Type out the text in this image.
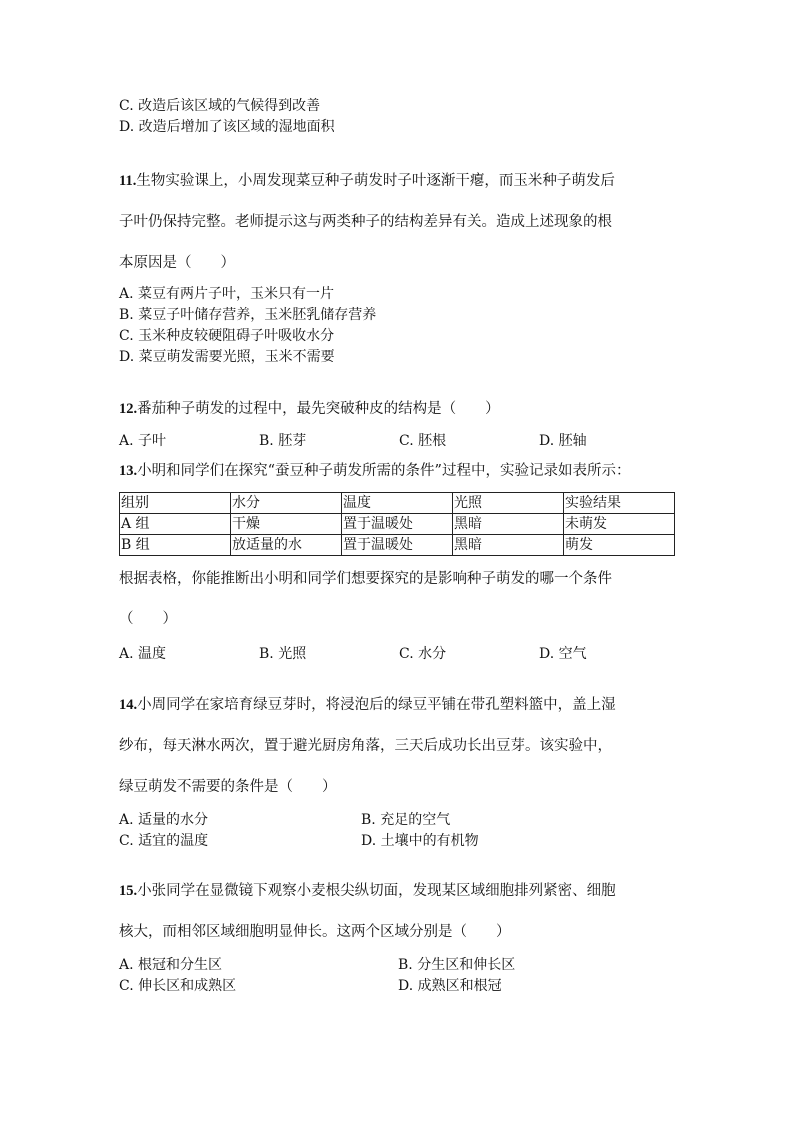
C. 改造后该区域的气候得到改善
D. 改造后增加了该区域的湿地面积
11.生物实验课上，小周发现菜豆种子萌发时子叶逐渐干瘪，而玉米种子萌发后
子叶仍保持完整。老师提示这与两类种子的结构差异有关。造成上述现象的根
本原因是（　　）
A. 菜豆有两片子叶，玉米只有一片
B. 菜豆子叶储存营养，玉米胚乳储存营养
C. 玉米种皮较硬阻碍子叶吸收水分
D. 菜豆萌发需要光照，玉米不需要
12.番茄种子萌发的过程中，最先突破种皮的结构是（　　）
A. 子叶	B. 胚芽	C. 胚根	D. 胚轴
13.小明和同学们在探究“蚕豆种子萌发所需的条件”过程中，实验记录如表所示：
组别	水分	温度	光照	实验结果
A 组	干燥	置于温暖处	黑暗	未萌发
B 组	放适量的水	置于温暖处	黑暗	萌发
根据表格，你能推断出小明和同学们想要探究的是影响种子萌发的哪一个条件
（　　）
A. 温度	B. 光照	C. 水分	D. 空气
14.小周同学在家培育绿豆芽时，将浸泡后的绿豆平铺在带孔塑料篮中，盖上湿
纱布，每天淋水两次，置于避光厨房角落，三天后成功长出豆芽。该实验中，
绿豆萌发不需要的条件是（　　）
A. 适量的水分	B. 充足的空气
C. 适宜的温度	D. 土壤中的有机物
15.小张同学在显微镜下观察小麦根尖纵切面，发现某区域细胞排列紧密、细胞
核大，而相邻区域细胞明显伸长。这两个区域分别是（　　）
A. 根冠和分生区	B. 分生区和伸长区
C. 伸长区和成熟区	D. 成熟区和根冠
